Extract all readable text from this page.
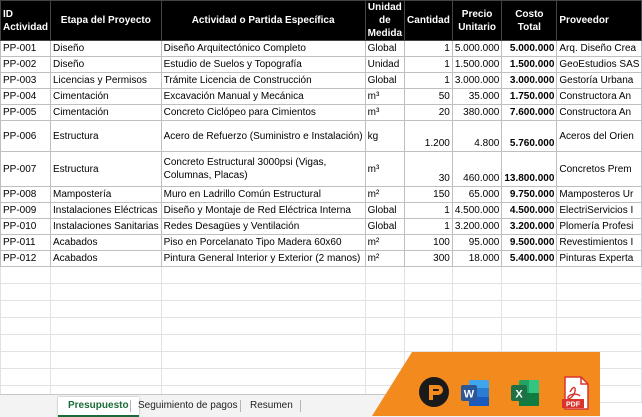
ID Actividad	Etapa del Proyecto	Actividad o Partida Específica	Unidad de Medida	Cantidad	Precio Unitario	Costo Total	Proveedor
PP-001	Diseño	Diseño Arquitectónico Completo	Global	1	5.000.000	5.000.000	Arq. Diseño Crea
PP-002	Diseño	Estudio de Suelos y Topografía	Unidad	1	1.500.000	1.500.000	GeoEstudios SAS
PP-003	Licencias y Permisos	Trámite Licencia de Construcción	Global	1	3.000.000	3.000.000	Gestoría Urbana
PP-004	Cimentación	Excavación Manual y Mecánica	m³	50	35.000	1.750.000	Constructora An
PP-005	Cimentación	Concreto Ciclópeo para Cimientos	m³	20	380.000	7.600.000	Constructora An
PP-006	Estructura	Acero de Refuerzo (Suministro e Instalación)	kg	1.200	4.800	5.760.000	Aceros del Orien
PP-007	Estructura	Concreto Estructural 3000psi (Vigas, Columnas, Placas)	m³	30	460.000	13.800.000	Concretos Prem
PP-008	Mampostería	Muro en Ladrillo Común Estructural	m²	150	65.000	9.750.000	Mamposteros Ur
PP-009	Instalaciones Eléctricas	Diseño y Montaje de Red Eléctrica Interna	Global	1	4.500.000	4.500.000	ElectriServicios I
PP-010	Instalaciones Sanitarias	Redes Desagües y Ventilación	Global	1	3.200.000	3.200.000	Plomería Profesi
PP-011	Acabados	Piso en Porcelanato Tipo Madera 60x60	m²	100	95.000	9.500.000	Revestimientos I
PP-012	Acabados	Pintura General Interior y Exterior (2 manos)	m²	300	18.000	5.400.000	Pinturas Experta

Presupuesto Seguimiento de pagos	Resumen
W	X
PDF
